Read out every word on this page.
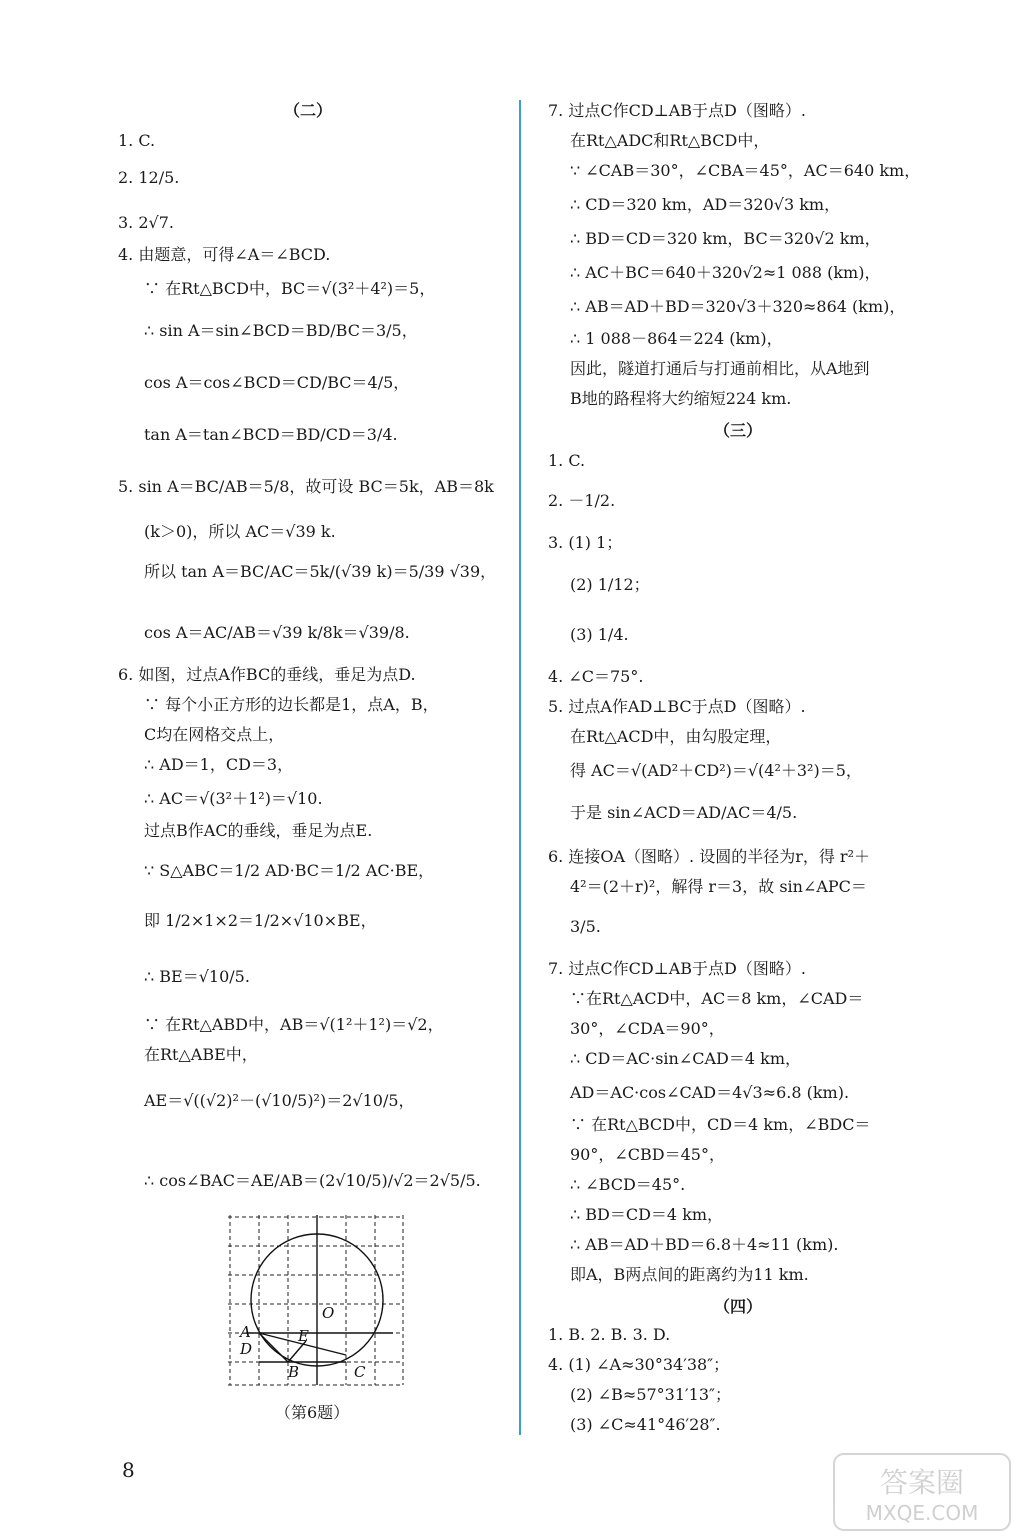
（二）
1. C.
2. 12/5.
3. 2√7.
4. 由题意，可得∠A＝∠BCD.
∵ 在Rt△BCD中，BC＝√(3²＋4²)＝5，
∴ sin A＝sin∠BCD＝BD/BC＝3/5，
cos A＝cos∠BCD＝CD/BC＝4/5，
tan A＝tan∠BCD＝BD/CD＝3/4.
5. sin A＝BC/AB＝5/8，故可设 BC＝5k，AB＝8k
(k＞0)，所以 AC＝√39 k.
所以 tan A＝BC/AC＝5k/(√39 k)＝5/39 √39，
cos A＝AC/AB＝√39 k/8k＝√39/8.
6. 如图，过点A作BC的垂线，垂足为点D.
∵ 每个小正方形的边长都是1，点A，B，
C均在网格交点上，
∴ AD＝1，CD＝3，
∴ AC＝√(3²＋1²)＝√10.
过点B作AC的垂线，垂足为点E.
∵ S△ABC＝1/2 AD·BC＝1/2 AC·BE，
即 1/2×1×2＝1/2×√10×BE，
∴ BE＝√10/5.
∵ 在Rt△ABD中，AB＝√(1²＋1²)＝√2，
在Rt△ABE中，
AE＝√((√2)²－(√10/5)²)＝2√10/5，
∴ cos∠BAC＝AE/AB＝(2√10/5)/√2＝2√5/5.
7. 过点C作CD⊥AB于点D（图略）.
在Rt△ADC和Rt△BCD中，
∵ ∠CAB＝30°，∠CBA＝45°，AC＝640 km，
∴ CD＝320 km，AD＝320√3 km，
∴ BD＝CD＝320 km，BC＝320√2 km，
∴ AC＋BC＝640＋320√2≈1 088 (km)，
∴ AB＝AD＋BD＝320√3＋320≈864 (km)，
∴ 1 088－864＝224 (km)，
因此，隧道打通后与打通前相比，从A地到
B地的路程将大约缩短224 km.
（三）
1. C.
2. －1/2.
3. (1) 1；
(2) 1/12；
(3) 1/4.
4. ∠C＝75°.
5. 过点A作AD⊥BC于点D（图略）.
在Rt△ACD中，由勾股定理，
得 AC＝√(AD²＋CD²)＝√(4²＋3²)＝5，
于是 sin∠ACD＝AD/AC＝4/5.
6. 连接OA（图略）. 设圆的半径为r，得 r²＋
4²＝(2＋r)²，解得 r＝3，故 sin∠APC＝
3/5.
7. 过点C作CD⊥AB于点D（图略）.
∵在Rt△ACD中，AC＝8 km，∠CAD＝
30°，∠CDA＝90°，
∴ CD＝AC·sin∠CAD＝4 km，
AD＝AC·cos∠CAD＝4√3≈6.8 (km).
∵ 在Rt△BCD中，CD＝4 km，∠BDC＝
90°，∠CBD＝45°，
∴ ∠BCD＝45°.
∴ BD＝CD＝4 km，
∴ AB＝AD＋BD＝6.8＋4≈11 (km).
即A，B两点间的距离约为11 km.
（四）
1. B. 2. B. 3. D.
4. (1) ∠A≈30°34′38″；
(2) ∠B≈57°31′13″；
(3) ∠C≈41°46′28″.
A
D
B	C
E
O
（第6题）
8	答案圈
MXQE.COM
